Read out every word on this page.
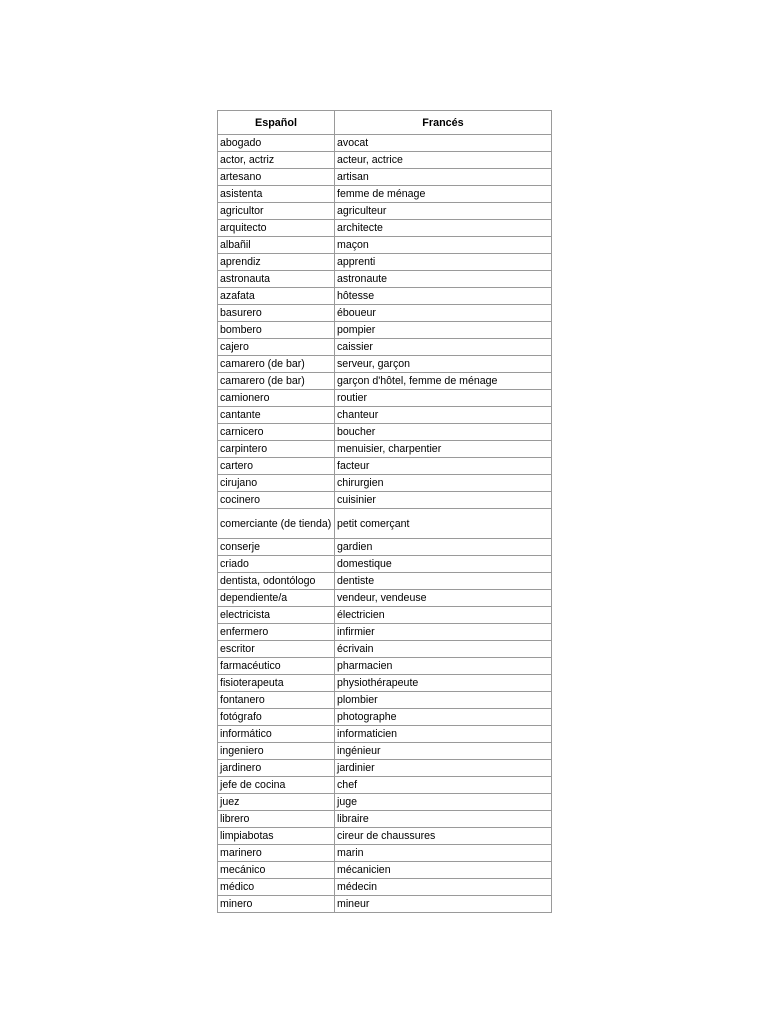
Español	Francés
abogado	avocat
actor, actriz	acteur, actrice
artesano	artisan
asistenta	femme de ménage
agricultor	agriculteur
arquitecto	architecte
albañil	maçon
aprendiz	apprenti
astronauta	astronaute
azafata	hôtesse
basurero	éboueur
bombero	pompier
cajero	caissier
camarero (de bar)	serveur, garçon
camarero (de bar)	garçon d'hôtel, femme de ménage
camionero	routier
cantante	chanteur
carnicero	boucher
carpintero	menuisier, charpentier
cartero	facteur
cirujano	chirurgien
cocinero	cuisinier
comerciante (de tienda)	petit comerçant
conserje	gardien
criado	domestique
dentista, odontólogo	dentiste
dependiente/a	vendeur, vendeuse
electricista	électricien
enfermero	infirmier
escritor	écrivain
farmacéutico	pharmacien
fisioterapeuta	physiothérapeute
fontanero	plombier
fotógrafo	photographe
informático	informaticien
ingeniero	ingénieur
jardinero	jardinier
jefe de cocina	chef
juez	juge
librero	libraire
limpiabotas	cireur de chaussures
marinero	marin
mecánico	mécanicien
médico	médecin
minero	mineur
